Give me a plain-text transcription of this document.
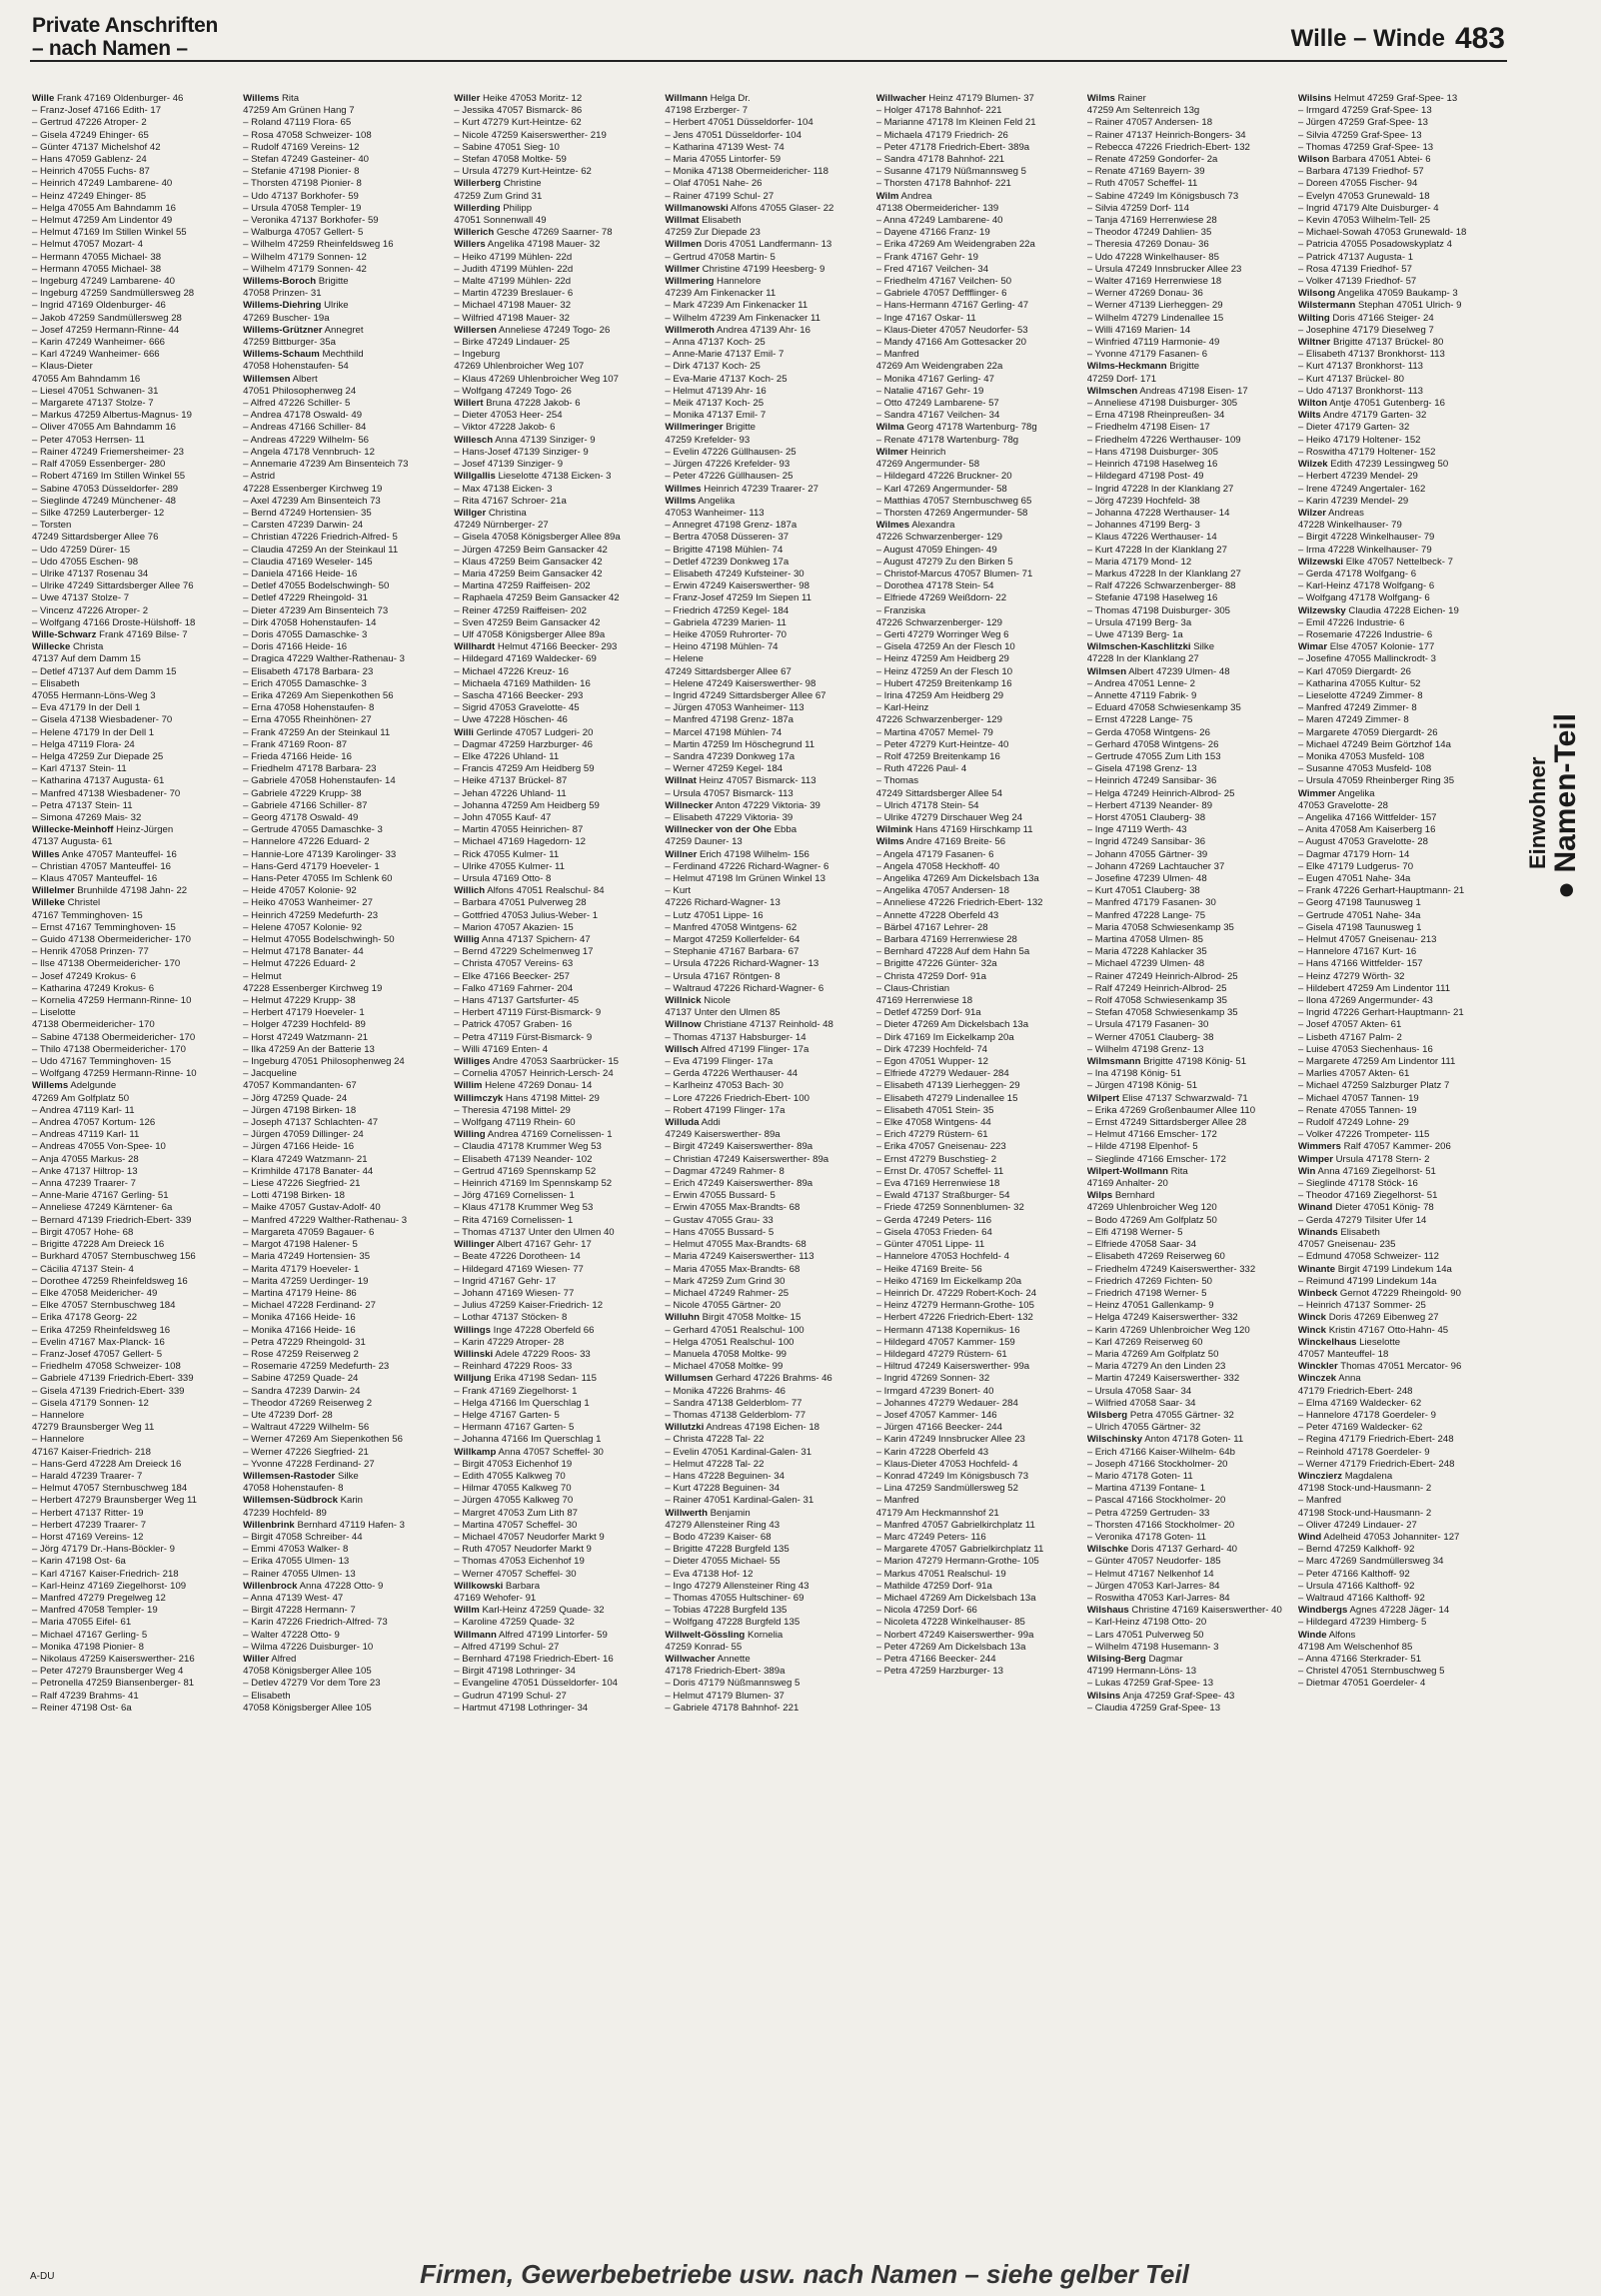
Private Anschriften
– nach Namen –	Wille – Winde 483
Wille Frank 47169 Oldenburger- 46
– Franz-Josef 47166 Edith- 17
– Gertrud 47226 Atroper- 2
– Gisela 47249 Ehinger- 65
– Günter 47137 Michelshof 42
– Hans 47059 Gablenz- 24
– Heinrich 47055 Fuchs- 87
– Heinrich 47249 Lambarene- 40
– Heinz 47249 Ehinger- 85
– Helga 47055 Am Bahndamm 16
– Helmut 47259 Am Lindentor 49
– Helmut 47169 Im Stillen Winkel 55
– Helmut 47057 Mozart- 4
– Hermann 47055 Michael- 38
– Hermann 47055 Michael- 38
– Ingeburg 47249 Lambarene- 40
– Ingeburg 47259 Sandmüllersweg 28
– Ingrid 47169 Oldenburger- 46
– Jakob 47259 Sandmüllersweg 28
– Josef 47259 Hermann-Rinne- 44
– Karin 47249 Wanheimer- 666
– Karl 47249 Wanheimer- 666
– Klaus-Dieter
47055 Am Bahndamm 16
– Liesel 47051 Schwanen- 31
– Margarete 47137 Stolze- 7
– Markus 47259 Albertus-Magnus- 19
– Oliver 47055 Am Bahndamm 16
– Peter 47053 Herrsen- 11
– Rainer 47249 Friemersheimer- 23
– Ralf 47059 Essenberger- 280
– Robert 47169 Im Stillen Winkel 55
– Sabine 47053 Düsseldorfer- 289
– Sieglinde 47249 Münchener- 48
– Silke 47259 Lauterberger- 12
– Torsten
47249 Sittardsberger Allee 76
– Udo 47259 Dürer- 15
– Udo 47055 Eschen- 98
– Ulrike 47137 Rosenau 34
– Ulrike 47249 Sittardsberger Allee 76
– Uwe 47137 Stolze- 7
– Vincenz 47226 Atroper- 2
– Wolfgang 47166 Droste-Hülshoff- 18
Wille-Schwarz Frank 47169 Bilse- 7
Willecke Christa
47137 Auf dem Damm 15
– Detlef 47137 Auf dem Damm 15
– Elisabeth
47055 Hermann-Löns-Weg 3
– Eva 47179 In der Dell 1
– Gisela 47138 Wiesbadener- 70
– Helene 47179 In der Dell 1
– Helga 47119 Flora- 24
– Helga 47259 Zur Diepade 25
– Karl 47137 Stein- 11
– Katharina 47137 Augusta- 61
– Manfred 47138 Wiesbadener- 70
– Petra 47137 Stein- 11
– Simona 47269 Mais- 32
Willecke-Meinhoff Heinz-Jürgen
47137 Augusta- 61
Willes Anke 47057 Manteuffel- 16
– Christian 47057 Manteuffel- 16
– Klaus 47057 Manteuffel- 16
Willelmer Brunhilde 47198 Jahn- 22
Willeke Christel
47167 Temminghoven- 15
– Ernst 47167 Temminghoven- 15
– Guido 47138 Obermeidericher- 170
– Henrik 47058 Prinzen- 77
– Ilse 47138 Obermeidericher- 170
– Josef 47249 Krokus- 6
– Katharina 47249 Krokus- 6
– Kornelia 47259 Hermann-Rinne- 10
– Liselotte
47138 Obermeidericher- 170
– Sabine 47138 Obermeidericher- 170
– Thilo 47138 Obermeidericher- 170
– Udo 47167 Temminghoven- 15
– Wolfgang 47259 Hermann-Rinne- 10
Willems Adelgunde
47269 Am Golfplatz 50
– Andrea 47119 Karl- 11
– Andrea 47057 Kortum- 126
– Andreas 47119 Karl- 11
– Andreas 47055 Von-Spee- 10
– Anja 47055 Markus- 28
– Anke 47137 Hiltrop- 13
– Anna 47239 Traarer- 7
– Anne-Marie 47167 Gerling- 51
– Anneliese 47249 Kärntener- 6a
– Bernard 47139 Friedrich-Ebert- 339
– Birgit 47057 Hohe- 68
– Brigitte 47228 Am Dreieck 16
– Burkhard 47057 Sternbuschweg 156
– Cäcilia 47137 Stein- 4
– Dorothee 47259 Rheinfeldsweg 16
– Elke 47058 Meidericher- 49
– Elke 47057 Sternbuschweg 184
– Erika 47178 Georg- 22
– Erika 47259 Rheinfeldsweg 16
– Evelin 47167 Max-Planck- 16
– Franz-Josef 47057 Gellert- 5
– Friedhelm 47058 Schweizer- 108
– Gabriele 47139 Friedrich-Ebert- 339
– Gisela 47139 Friedrich-Ebert- 339
– Gisela 47179 Sonnen- 12
– Hannelore
47279 Braunsberger Weg 11
– Hannelore
47167 Kaiser-Friedrich- 218
– Hans-Gerd 47228 Am Dreieck 16
– Harald 47239 Traarer- 7
– Helmut 47057 Sternbuschweg 184
– Herbert 47279 Braunsberger Weg 11
– Herbert 47137 Ritter- 19
– Herbert 47239 Traarer- 7
– Horst 47169 Vereins- 12
– Jörg 47179 Dr.-Hans-Böckler- 9
– Karin 47198 Ost- 6a
– Karl 47167 Kaiser-Friedrich- 218
– Karl-Heinz 47169 Ziegelhorst- 109
– Manfred 47279 Pregelweg 12
– Manfred 47058 Templer- 19
– Maria 47055 Eifel- 61
– Michael 47167 Gerling- 5
– Monika 47198 Pionier- 8
– Nikolaus 47259 Kaiserswerther- 216
– Peter 47279 Braunsberger Weg 4
– Petronella 47259 Biansenberger- 81
– Ralf 47239 Brahms- 41
– Reiner 47198 Ost- 6a
Willems Rita
47259 Am Grünen Hang 7
– Roland 47119 Flora- 65
– Rosa 47058 Schweizer- 108
– Rudolf 47169 Vereins- 12
– Stefan 47249 Gasteiner- 40
– Stefanie 47198 Pionier- 8
– Thorsten 47198 Pionier- 8
– Udo 47137 Borkhofer- 59
– Ursula 47058 Templer- 19
– Veronika 47137 Borkhofer- 59
– Walburga 47057 Gellert- 5
– Wilhelm 47259 Rheinfeldsweg 16
– Wilhelm 47179 Sonnen- 12
– Wilhelm 47179 Sonnen- 42
Willems-Boroch Brigitte
47058 Prinzen- 31
Willems-Diehring Ulrike
47269 Buscher- 19a
Willems-Grützner Annegret
47259 Bittburger- 35a
Willems-Schaum Mechthild
47058 Hohenstaufen- 54
Willemsen Albert
47051 Philosophenweg 24
– Alfred 47226 Schiller- 5
– Andrea 47178 Oswald- 49
– Andreas 47166 Schiller- 84
– Andreas 47229 Wilhelm- 56
– Angela 47178 Vennbruch- 12
– Annemarie 47239 Am Binsenteich 73
– Astrid
47228 Essenberger Kirchweg 19
– Axel 47239 Am Binsenteich 73
– Bernd 47249 Hortensien- 35
– Carsten 47239 Darwin- 24
– Christian 47226 Friedrich-Alfred- 5
– Claudia 47259 An der Steinkaul 11
– Claudia 47169 Weseler- 145
– Daniela 47166 Heide- 16
– Detlef 47055 Bodelschwingh- 50
– Detlef 47229 Rheingold- 31
– Dieter 47239 Am Binsenteich 73
– Dirk 47058 Hohenstaufen- 14
– Doris 47055 Damaschke- 3
– Doris 47166 Heide- 16
– Dragica 47229 Walther-Rathenau- 3
– Elisabeth 47178 Barbara- 23
– Erich 47055 Damaschke- 3
– Erika 47269 Am Siepenkothen 56
– Erna 47058 Hohenstaufen- 8
– Erna 47055 Rheinhönen- 27
– Frank 47259 An der Steinkaul 11
– Frank 47169 Roon- 87
– Frieda 47166 Heide- 16
– Friedhelm 47178 Barbara- 23
– Gabriele 47058 Hohenstaufen- 14
– Gabriele 47229 Krupp- 38
– Gabriele 47166 Schiller- 87
– Georg 47178 Oswald- 49
– Gertrude 47055 Damaschke- 3
– Hannelore 47226 Eduard- 2
– Hannie-Lore 47139 Karolinger- 33
– Hans-Gerd 47179 Hoeveler- 1
– Hans-Peter 47055 Im Schlenk 60
– Heide 47057 Kolonie- 92
– Heiko 47053 Wanheimer- 27
– Heinrich 47259 Medefurth- 23
– Helene 47057 Kolonie- 92
– Helmut 47055 Bodelschwingh- 50
– Helmut 47178 Banater- 44
– Helmut 47226 Eduard- 2
– Helmut
47228 Essenberger Kirchweg 19
– Helmut 47229 Krupp- 38
– Herbert 47179 Hoeveler- 1
– Holger 47239 Hochfeld- 89
– Horst 47249 Watzmann- 21
– Ilka 47259 An der Batterie 13
– Ingeburg 47051 Philosophenweg 24
– Jacqueline
47057 Kommandanten- 67
– Jörg 47259 Quade- 24
– Jürgen 47198 Birken- 18
– Joseph 47137 Schlachten- 47
– Jürgen 47059 Dillinger- 24
– Jürgen 47166 Heide- 16
– Klara 47249 Watzmann- 21
– Krimhilde 47178 Banater- 44
– Liese 47226 Siegfried- 21
– Lotti 47198 Birken- 18
– Maike 47057 Gustav-Adolf- 40
– Manfred 47229 Walther-Rathenau- 3
– Margareta 47059 Bagauer- 6
– Margot 47198 Halener- 5
– Maria 47249 Hortensien- 35
– Marita 47179 Hoeveler- 1
– Marita 47259 Uerdinger- 19
– Martina 47179 Heine- 86
– Michael 47228 Ferdinand- 27
– Monika 47166 Heide- 16
– Monika 47166 Heide- 16
– Petra 47229 Rheingold- 31
– Rose 47259 Reiserweg 2
– Rosemarie 47259 Medefurth- 23
– Sabine 47259 Quade- 24
– Sandra 47239 Darwin- 24
– Theodor 47269 Reiserweg 2
– Ute 47239 Dorf- 28
– Waltraut 47229 Wilhelm- 56
– Werner 47269 Am Siepenkothen 56
– Werner 47226 Siegfried- 21
– Yvonne 47228 Ferdinand- 27
Willemsen-Rastoder Silke
47058 Hohenstaufen- 8
Willemsen-Südbrock Karin
47239 Hochfeld- 89
Willenbrink Bernhard 47119 Hafen- 3
– Birgit 47058 Schreiber- 44
– Emmi 47053 Walker- 8
– Erika 47055 Ulmen- 13
– Rainer 47055 Ulmen- 13
Willenbrock Anna 47228 Otto- 9
– Anna 47139 West- 47
– Birgit 47228 Hermann- 7
– Karin 47226 Friedrich-Alfred- 73
– Walter 47228 Otto- 9
– Wilma 47226 Duisburger- 10
Willer Alfred
47058 Königsberger Allee 105
– Detlev 47279 Vor dem Tore 23
– Elisabeth
47058 Königsberger Allee 105
Willer Heike 47053 Moritz- 12
– Jessika 47057 Bismarck- 86
– Kurt 47279 Kurt-Heintze- 62
– Nicole 47259 Kaiserswerther- 219
– Sabine 47051 Sieg- 10
– Stefan 47058 Moltke- 59
– Ursula 47279 Kurt-Heintze- 62
Willerberg Christine
47259 Zum Grind 31
Willerding Philipp
47051 Sonnenwall 49
Willerich Gesche 47269 Saarner- 78
Willers Angelika 47198 Mauer- 32
– Heiko 47199 Mühlen- 22d
– Judith 47199 Mühlen- 22d
– Malte 47199 Mühlen- 22d
– Martin 47239 Breslauer- 6
– Michael 47198 Mauer- 32
– Wilfried 47198 Mauer- 32
Willersen Anneliese 47249 Togo- 26
– Birke 47249 Lindauer- 25
– Ingeburg
47269 Uhlenbroicher Weg 107
– Klaus 47269 Uhlenbroicher Weg 107
– Wolfgang 47249 Togo- 26
Willert Bruna 47228 Jakob- 6
– Dieter 47053 Heer- 254
– Viktor 47228 Jakob- 6
Willesch Anna 47139 Sinziger- 9
– Hans-Josef 47139 Sinziger- 9
– Josef 47139 Sinziger- 9
Willgallis Lieselotte 47138 Eicken- 3
– Max 47138 Eicken- 3
– Rita 47167 Schroer- 21a
Willger Christina
47249 Nürnberger- 27
– Gisela 47058 Königsberger Allee 89a
– Jürgen 47259 Beim Gansacker 42
– Klaus 47259 Beim Gansacker 42
– Maria 47259 Beim Gansacker 42
– Martina 47259 Raiffeisen- 202
– Raphaela 47259 Beim Gansacker 42
– Reiner 47259 Raiffeisen- 202
– Sven 47259 Beim Gansacker 42
– Ulf 47058 Königsberger Allee 89a
Willhardt Helmut 47166 Beecker- 293
– Hildegard 47169 Waldecker- 69
– Michael 47226 Kreuz- 16
– Michaela 47169 Mathilden- 16
– Sascha 47166 Beecker- 293
– Sigrid 47053 Gravelotte- 45
– Uwe 47228 Höschen- 46
Willi Gerlinde 47057 Ludgeri- 20
– Dagmar 47259 Harzburger- 46
– Elke 47226 Uhland- 11
– Francis 47259 Am Heidberg 59
– Heike 47137 Brückel- 87
– Jehan 47226 Uhland- 11
– Johanna 47259 Am Heidberg 59
– John 47055 Kauf- 47
– Martin 47055 Heinrichen- 87
– Michael 47169 Hagedorn- 12
– Rick 47055 Kulmer- 11
– Ulrike 47055 Kulmer- 11
– Ursula 47169 Otto- 8
Willich Alfons 47051 Realschul- 84
– Barbara 47051 Pulverweg 28
– Gottfried 47053 Julius-Weber- 1
– Marion 47057 Akazien- 15
Willig Anna 47137 Spichern- 47
– Bernd 47229 Schelmenweg 17
– Christa 47057 Vereins- 63
– Elke 47166 Beecker- 257
– Falko 47169 Fahrner- 204
– Hans 47137 Gartsfurter- 45
– Herbert 47119 Fürst-Bismarck- 9
– Patrick 47057 Graben- 16
– Petra 47119 Fürst-Bismarck- 9
– Willi 47169 Enten- 4
Williges Andre 47053 Saarbrücker- 15
– Cornelia 47057 Heinrich-Lersch- 24
Willim Helene 47269 Donau- 14
Willimczyk Hans 47198 Mittel- 29
– Theresia 47198 Mittel- 29
– Wolfgang 47119 Rhein- 60
Willing Andrea 47169 Cornelissen- 1
– Claudia 47178 Krummer Weg 53
– Elisabeth 47139 Neander- 102
– Gertrud 47169 Spennskamp 52
– Heinrich 47169 Im Spennskamp 52
– Jörg 47169 Cornelissen- 1
– Klaus 47178 Krummer Weg 53
– Rita 47169 Cornelissen- 1
– Thomas 47137 Unter den Ulmen 40
Willinger Albert 47167 Gehr- 17
– Beate 47226 Dorotheen- 14
– Hildegard 47169 Wiesen- 77
– Ingrid 47167 Gehr- 17
– Johann 47169 Wiesen- 77
– Julius 47259 Kaiser-Friedrich- 12
– Lothar 47137 Stöcken- 8
Willings Inge 47228 Oberfeld 66
– Karin 47229 Atroper- 28
Willinski Adele 47229 Roos- 33
– Reinhard 47229 Roos- 33
Willjung Erika 47198 Sedan- 115
– Frank 47169 Ziegelhorst- 1
– Helga 47166 Im Querschlag 1
– Helge 47167 Garten- 5
– Hermann 47167 Garten- 5
– Johanna 47166 Im Querschlag 1
Willkamp Anna 47057 Scheffel- 30
– Birgit 47053 Eichenhof 19
– Edith 47055 Kalkweg 70
– Hilmar 47055 Kalkweg 70
– Jürgen 47055 Kalkweg 70
– Margret 47053 Zum Lith 87
– Martina 47057 Scheffel- 30
– Michael 47057 Neudorfer Markt 9
– Ruth 47057 Neudorfer Markt 9
– Thomas 47053 Eichenhof 19
– Werner 47057 Scheffel- 30
Willkowski Barbara
47169 Wehofer- 91
Willm Karl-Heinz 47259 Quade- 32
– Karoline 47259 Quade- 32
Willmann Alfred 47199 Lintorfer- 59
– Alfred 47199 Schul- 27
– Bernhard 47198 Friedrich-Ebert- 16
– Birgit 47198 Lothringer- 34
– Evangeline 47051 Düsseldorfer- 104
– Gudrun 47199 Schul- 27
– Hartmut 47198 Lothringer- 34
Willmann Helga Dr.
47198 Erzberger- 7
– Herbert 47051 Düsseldorfer- 104
– Jens 47051 Düsseldorfer- 104
– Katharina 47139 West- 74
– Maria 47055 Lintorfer- 59
– Monika 47138 Obermeidericher- 118
– Olaf 47051 Nahe- 26
– Rainer 47199 Schul- 27
Willmanowski Alfons 47055 Glaser- 22
Willmat Elisabeth
47259 Zur Diepade 23
Willmen Doris 47051 Landfermann- 13
– Gertrud 47058 Martin- 5
Willmer Christine 47199 Heesberg- 9
Willmering Hannelore
47239 Am Finkenacker 11
– Mark 47239 Am Finkenacker 11
– Wilhelm 47239 Am Finkenacker 11
Willmeroth Andrea 47139 Ahr- 16
– Anna 47137 Koch- 25
– Anne-Marie 47137 Emil- 7
– Dirk 47137 Koch- 25
– Eva-Marie 47137 Koch- 25
– Helmut 47139 Ahr- 16
– Meik 47137 Koch- 25
– Monika 47137 Emil- 7
Willmeringer Brigitte
47259 Krefelder- 93
– Evelin 47226 Güllhausen- 25
– Jürgen 47226 Krefelder- 93
– Peter 47226 Güllhausen- 25
Willmes Heinrich 47239 Traarer- 27
Willms Angelika
47053 Wanheimer- 113
– Annegret 47198 Grenz- 187a
– Bertra 47058 Düsseren- 37
– Brigitte 47198 Mühlen- 74
– Detlef 47239 Donkweg 17a
– Elisabeth 47249 Kufsteiner- 30
– Erwin 47249 Kaiserswerther- 98
– Franz-Josef 47259 Im Siepen 11
– Friedrich 47259 Kegel- 184
– Gabriela 47239 Marien- 11
– Heike 47059 Ruhrorter- 70
– Heino 47198 Mühlen- 74
– Helene
47249 Sittardsberger Allee 67
– Helene 47249 Kaiserswerther- 98
– Ingrid 47249 Sittardsberger Allee 67
– Jürgen 47053 Wanheimer- 113
– Manfred 47198 Grenz- 187a
– Marcel 47198 Mühlen- 74
– Martin 47259 Im Höschegrund 11
– Sandra 47239 Donkweg 17a
– Werner 47259 Kegel- 184
Willnat Heinz 47057 Bismarck- 113
– Ursula 47057 Bismarck- 113
Willnecker Anton 47229 Viktoria- 39
– Elisabeth 47229 Viktoria- 39
Willnecker von der Ohe Ebba
47259 Dauner- 13
Willner Erich 47198 Wilhelm- 156
– Ferdinand 47226 Richard-Wagner- 6
– Helmut 47198 Im Grünen Winkel 13
– Kurt
47226 Richard-Wagner- 13
– Lutz 47051 Lippe- 16
– Manfred 47058 Wintgens- 62
– Margot 47259 Kollerfelder- 64
– Stephanie 47167 Barbara- 67
– Ursula 47226 Richard-Wagner- 13
– Ursula 47167 Röntgen- 8
– Waltraud 47226 Richard-Wagner- 6
Willnick Nicole
47137 Unter den Ulmen 85
Willnow Christiane 47137 Reinhold- 48
– Thomas 47137 Habsburger- 14
Willsch Alfred 47199 Flinger- 17a
– Eva 47199 Flinger- 17a
– Gerda 47226 Werthauser- 44
– Karlheinz 47053 Bach- 30
– Lore 47226 Friedrich-Ebert- 100
– Robert 47199 Flinger- 17a
Willuda Addi
47249 Kaiserswerther- 89a
– Birgit 47249 Kaiserswerther- 89a
– Christian 47249 Kaiserswerther- 89a
– Dagmar 47249 Rahmer- 8
– Erich 47249 Kaiserswerther- 89a
– Erwin 47055 Bussard- 5
– Erwin 47055 Max-Brandts- 68
– Gustav 47055 Grau- 33
– Hans 47055 Bussard- 5
– Helmut 47055 Max-Brandts- 68
– Maria 47249 Kaiserswerther- 113
– Maria 47055 Max-Brandts- 68
– Mark 47259 Zum Grind 30
– Michael 47249 Rahmer- 25
– Nicole 47055 Gärtner- 20
Willuhn Birgit 47058 Moltke- 15
– Gerhard 47051 Realschul- 100
– Helga 47051 Realschul- 100
– Manuela 47058 Moltke- 99
– Michael 47058 Moltke- 99
Willumsen Gerhard 47226 Brahms- 46
– Monika 47226 Brahms- 46
– Sandra 47138 Gelderblom- 77
– Thomas 47138 Gelderblom- 77
Willutzki Andreas 47198 Eichen- 18
– Christa 47228 Tal- 22
– Evelin 47051 Kardinal-Galen- 31
– Helmut 47228 Tal- 22
– Hans 47228 Beguinen- 34
– Kurt 47228 Beguinen- 34
– Rainer 47051 Kardinal-Galen- 31
Willwerth Benjamin
47279 Allensteiner Ring 43
– Bodo 47239 Kaiser- 68
– Brigitte 47228 Burgfeld 135
– Dieter 47055 Michael- 55
– Eva 47138 Hof- 12
– Ingo 47279 Allensteiner Ring 43
– Thomas 47055 Hultschiner- 69
– Tobias 47228 Burgfeld 135
– Wolfgang 47228 Burgfeld 135
Willwelt-Gössling Kornelia
47259 Konrad- 55
Willwacher Annette
47178 Friedrich-Ebert- 389a
– Doris 47179 Nüßmannsweg 5
– Helmut 47179 Blumen- 37
– Gabriele 47178 Bahnhof- 221
Willwacher Heinz 47179 Blumen- 37
– Holger 47178 Bahnhof- 221
– Marianne 47178 Im Kleinen Feld 21
– Michaela 47179 Friedrich- 26
– Peter 47178 Friedrich-Ebert- 389a
– Sandra 47178 Bahnhof- 221
– Susanne 47179 Nüßmannsweg 5
– Thorsten 47178 Bahnhof- 221
Wilm Andrea
47138 Obermeidericher- 139
– Anna 47249 Lambarene- 40
– Dayene 47166 Franz- 19
– Erika 47269 Am Weidengraben 22a
– Frank 47167 Gehr- 19
– Fred 47167 Veilchen- 34
– Friedhelm 47167 Veilchen- 50
– Gabriele 47057 Deffflinger- 6
– Hans-Hermann 47167 Gerling- 47
– Inge 47167 Oskar- 11
– Klaus-Dieter 47057 Neudorfer- 53
– Mandy 47166 Am Gottesacker 20
– Manfred
47269 Am Weidengraben 22a
– Monika 47167 Gerling- 47
– Natalie 47167 Gehr- 19
– Otto 47249 Lambarene- 57
– Sandra 47167 Veilchen- 34
Wilma Georg 47178 Wartenburg- 78g
– Renate 47178 Wartenburg- 78g
Wilmer Heinrich
47269 Angermunder- 58
– Hildegard 47226 Bruckner- 20
– Karl 47269 Angermunder- 58
– Matthias 47057 Sternbuschweg 65
– Thorsten 47269 Angermunder- 58
Wilmes Alexandra
47226 Schwarzenberger- 129
– August 47059 Ehingen- 49
– August 47279 Zu den Birken 5
– Christof-Marcus 47057 Blumen- 71
– Dorothea 47178 Stein- 54
– Elfriede 47269 Weißdorn- 22
– Franziska
47226 Schwarzenberger- 129
– Gerti 47279 Worringer Weg 6
– Gisela 47259 An der Flesch 10
– Heinz 47259 Am Heidberg 29
– Heinz 47259 An der Flesch 10
– Hubert 47259 Breitenkamp 16
– Irina 47259 Am Heidberg 29
– Karl-Heinz
47226 Schwarzenberger- 129
– Martina 47057 Memel- 79
– Peter 47279 Kurt-Heintze- 40
– Rolf 47259 Breitenkamp 16
– Ruth 47226 Paul- 4
– Thomas
47249 Sittardsberger Allee 54
– Ulrich 47178 Stein- 54
– Ulrike 47279 Dirschauer Weg 24
Wilmink Hans 47169 Hirschkamp 11
Wilms Andre 47169 Breite- 56
– Angela 47179 Fasanen- 6
– Angela 47058 Heckhoff- 40
– Angelika 47269 Am Dickelsbach 13a
– Angelika 47057 Andersen- 18
– Anneliese 47226 Friedrich-Ebert- 132
– Annette 47228 Oberfeld 43
– Bärbel 47167 Lehrer- 28
– Barbara 47169 Herrenwiese 28
– Bernhard 47228 Auf dem Hahn 5a
– Brigitte 47226 Günter- 32a
– Christa 47259 Dorf- 91a
– Claus-Christian
47169 Herrenwiese 18
– Detlef 47259 Dorf- 91a
– Dieter 47269 Am Dickelsbach 13a
– Dirk 47169 Im Eickelkamp 20a
– Dirk 47239 Hochfeld- 74
– Egon 47051 Wupper- 12
– Elfriede 47279 Wedauer- 284
– Elisabeth 47139 Lierheggen- 29
– Elisabeth 47279 Lindenallee 15
– Elisabeth 47051 Stein- 35
– Elke 47058 Wintgens- 44
– Erich 47279 Rüstern- 61
– Erika 47057 Gneisenau- 223
– Ernst 47279 Buschstieg- 2
– Ernst Dr. 47057 Scheffel- 11
– Eva 47169 Herrenwiese 18
– Ewald 47137 Straßburger- 54
– Friede 47259 Sonnenblumen- 32
– Gerda 47249 Peters- 116
– Gisela 47053 Frieden- 64
– Günter 47051 Lippe- 11
– Hannelore 47053 Hochfeld- 4
– Heike 47169 Breite- 56
– Heiko 47169 Im Eickelkamp 20a
– Heinrich Dr. 47229 Robert-Koch- 24
– Heinz 47279 Hermann-Grothe- 105
– Herbert 47226 Friedrich-Ebert- 132
– Hermann 47138 Kopernikus- 16
– Hildegard 47057 Kammer- 159
– Hildegard 47279 Rüstern- 61
– Hiltrud 47249 Kaiserswerther- 99a
– Ingrid 47269 Sonnen- 32
– Irmgard 47239 Bonert- 40
– Johannes 47279 Wedauer- 284
– Josef 47057 Kammer- 146
– Jürgen 47166 Beecker- 244
– Karin 47249 Innsbrucker Allee 23
– Karin 47228 Oberfeld 43
– Klaus-Dieter 47053 Hochfeld- 4
– Konrad 47249 Im Königsbusch 73
– Lina 47259 Sandmüllersweg 52
– Manfred
47179 Am Heckmannshof 21
– Manfred 47057 Gabrielkirchplatz 11
– Marc 47249 Peters- 116
– Margarete 47057 Gabrielkirchplatz 11
– Marion 47279 Hermann-Grothe- 105
– Markus 47051 Realschul- 19
– Mathilde 47259 Dorf- 91a
– Michael 47269 Am Dickelsbach 13a
– Nicola 47259 Dorf- 66
– Nicoleta 47228 Winkelhauser- 85
– Norbert 47249 Kaiserswerther- 99a
– Peter 47269 Am Dickelsbach 13a
– Petra 47166 Beecker- 244
– Petra 47259 Harzburger- 13
Wilms Rainer
47259 Am Seltenreich 13g
– Rainer 47057 Andersen- 18
– Rainer 47137 Heinrich-Bongers- 34
– Rebecca 47226 Friedrich-Ebert- 132
– Renate 47259 Gondorfer- 2a
– Renate 47169 Bayern- 39
– Ruth 47057 Scheffel- 11
– Sabine 47249 Im Königsbusch 73
– Silvia 47259 Dorf- 114
– Tanja 47169 Herrenwiese 28
– Theodor 47249 Dahlien- 35
– Theresia 47269 Donau- 36
– Udo 47228 Winkelhauser- 85
– Ursula 47249 Innsbrucker Allee 23
– Walter 47169 Herrenwiese 18
– Werner 47269 Donau- 36
– Werner 47139 Lierheggen- 29
– Wilhelm 47279 Lindenallee 15
– Willi 47169 Marien- 14
– Winfried 47119 Harmonie- 49
– Yvonne 47179 Fasanen- 6
Wilms-Heckmann Brigitte
47259 Dorf- 171
Wilmschen Andreas 47198 Eisen- 17
– Anneliese 47198 Duisburger- 305
– Erna 47198 Rheinpreußen- 34
– Friedhelm 47198 Eisen- 17
– Friedhelm 47226 Werthauser- 109
– Hans 47198 Duisburger- 305
– Heinrich 47198 Haselweg 16
– Hildegard 47198 Post- 49
– Ingrid 47228 In der Klanklang 27
– Jörg 47239 Hochfeld- 38
– Johanna 47228 Werthauser- 14
– Johannes 47199 Berg- 3
– Klaus 47226 Werthauser- 14
– Kurt 47228 In der Klanklang 27
– Maria 47179 Mond- 12
– Markus 47228 In der Klanklang 27
– Ralf 47226 Schwarzenberger- 88
– Stefanie 47198 Haselweg 16
– Thomas 47198 Duisburger- 305
– Ursula 47199 Berg- 3a
– Uwe 47139 Berg- 1a
Wilmschen-Kaschlitzki Silke
47228 In der Klanklang 27
Wilmsen Albert 47239 Ulmen- 48
– Andrea 47051 Lenne- 2
– Annette 47119 Fabrik- 9
– Eduard 47058 Schwiesenkamp 35
– Ernst 47228 Lange- 75
– Gerda 47058 Wintgens- 26
– Gerhard 47058 Wintgens- 26
– Gertrude 47055 Zum Lith 153
– Gisela 47198 Grenz- 13
– Heinrich 47249 Sansibar- 36
– Helga 47249 Heinrich-Albrod- 25
– Herbert 47139 Neander- 89
– Horst 47051 Clauberg- 38
– Inge 47119 Werth- 43
– Ingrid 47249 Sansibar- 36
– Johann 47055 Gärtner- 39
– Johann 47269 Lachtaucher 37
– Josefine 47239 Ulmen- 48
– Kurt 47051 Clauberg- 38
– Manfred 47179 Fasanen- 30
– Manfred 47228 Lange- 75
– Maria 47058 Schwiesenkamp 35
– Martina 47058 Ulmen- 85
– Maria 47228 Kahlacker 35
– Michael 47239 Ulmen- 48
– Rainer 47249 Heinrich-Albrod- 25
– Ralf 47249 Heinrich-Albrod- 25
– Rolf 47058 Schwiesenkamp 35
– Stefan 47058 Schwiesenkamp 35
– Ursula 47179 Fasanen- 30
– Werner 47051 Clauberg- 38
– Wilhelm 47198 Grenz- 13
Wilmsmann Brigitte 47198 König- 51
– Ina 47198 König- 51
– Jürgen 47198 König- 51
Wilpert Elise 47137 Schwarzwald- 71
– Erika 47269 Großenbaumer Allee 110
– Ernst 47249 Sittardsberger Allee 28
– Helmut 47166 Emscher- 172
– Hilde 47198 Elpenhof- 5
– Sieglinde 47166 Emscher- 172
Wilpert-Wollmann Rita
47169 Anhalter- 20
Wilps Bernhard
47269 Uhlenbroicher Weg 120
– Bodo 47269 Am Golfplatz 50
– Elfi 47198 Werner- 5
– Elfriede 47058 Saar- 34
– Elisabeth 47269 Reiserweg 60
– Friedhelm 47249 Kaiserswerther- 332
– Friedrich 47269 Fichten- 50
– Friedrich 47198 Werner- 5
– Heinz 47051 Gallenkamp- 9
– Helga 47249 Kaiserswerther- 332
– Karin 47269 Uhlenbroicher Weg 120
– Karl 47269 Reiserweg 60
– Maria 47269 Am Golfplatz 50
– Maria 47279 An den Linden 23
– Martin 47249 Kaiserswerther- 332
– Ursula 47058 Saar- 34
– Wilfried 47058 Saar- 34
Wilsberg Petra 47055 Gärtner- 32
– Ulrich 47055 Gärtner- 32
Wilschinsky Anton 47178 Goten- 11
– Erich 47166 Kaiser-Wilhelm- 64b
– Joseph 47166 Stockholmer- 20
– Mario 47178 Goten- 11
– Martina 47139 Fontane- 1
– Pascal 47166 Stockholmer- 20
– Petra 47259 Gertruden- 33
– Thorsten 47166 Stockholmer- 20
– Veronika 47178 Goten- 11
Wilschke Doris 47137 Gerhard- 40
– Günter 47057 Neudorfer- 185
– Helmut 47167 Nelkenhof 14
– Jürgen 47053 Karl-Jarres- 84
– Roswitha 47053 Karl-Jarres- 84
Wilshaus Christine 47169 Kaiserswerther- 40
– Karl-Heinz 47198 Otto- 20
– Lars 47051 Pulverweg 50
– Wilhelm 47198 Husemann- 3
Wilsing-Berg Dagmar
47199 Hermann-Löns- 13
– Lukas 47259 Graf-Spee- 13
Wilsins Anja 47259 Graf-Spee- 43
– Claudia 47259 Graf-Spee- 13
Wilsins Helmut 47259 Graf-Spee- 13
– Irmgard 47259 Graf-Spee- 13
– Jürgen 47259 Graf-Spee- 13
– Silvia 47259 Graf-Spee- 13
– Thomas 47259 Graf-Spee- 13
Wilson Barbara 47051 Abtei- 6
– Barbara 47139 Friedhof- 57
– Doreen 47055 Fischer- 94
– Evelyn 47053 Grunewald- 18
– Ingrid 47179 Alte Duisburger- 4
– Kevin 47053 Wilhelm-Tell- 25
– Michael-Sowah 47053 Grunewald- 18
– Patricia 47055 Posadowskyplatz 4
– Patrick 47137 Augusta- 1
– Rosa 47139 Friedhof- 57
– Volker 47139 Friedhof- 57
Wilsong Angelika 47059 Baukamp- 3
Wilstermann Stephan 47051 Ulrich- 9
Wilting Doris 47166 Steiger- 24
– Josephine 47179 Dieselweg 7
Wiltner Brigitte 47137 Brückel- 80
– Elisabeth 47137 Bronkhorst- 113
– Kurt 47137 Bronkhorst- 113
– Kurt 47137 Brückel- 80
– Udo 47137 Bronkhorst- 113
Wilton Antje 47051 Gutenberg- 16
Wilts Andre 47179 Garten- 32
– Dieter 47179 Garten- 32
– Heiko 47179 Holtener- 152
– Roswitha 47179 Holtener- 152
Wilzek Edith 47239 Lessingweg 50
– Herbert 47239 Mendel- 29
– Irene 47249 Angertaler- 162
– Karin 47239 Mendel- 29
Wilzer Andreas
47228 Winkelhauser- 79
– Birgit 47228 Winkelhauser- 79
– Irma 47228 Winkelhauser- 79
Wilzewski Elke 47057 Nettelbeck- 7
– Gerda 47178 Wolfgang- 6
– Karl-Heinz 47178 Wolfgang- 6
– Wolfgang 47178 Wolfgang- 6
Wilzewsky Claudia 47228 Eichen- 19
– Emil 47226 Industrie- 6
– Rosemarie 47226 Industrie- 6
Wimar Else 47057 Kolonie- 177
– Josefine 47055 Mallinckrodt- 3
– Karl 47059 Diergardt- 26
– Katharina 47055 Kultur- 52
– Lieselotte 47249 Zimmer- 8
– Manfred 47249 Zimmer- 8
– Maren 47249 Zimmer- 8
– Margarete 47059 Diergardt- 26
– Michael 47249 Beim Görtzhof 14a
– Monika 47053 Musfeld- 108
– Susanne 47053 Musfeld- 108
– Ursula 47059 Rheinberger Ring 35
Wimmer Angelika
47053 Gravelotte- 28
– Angelika 47166 Wittfelder- 157
– Anita 47058 Am Kaiserberg 16
– August 47053 Gravelotte- 28
– Dagmar 47179 Horn- 14
– Elke 47179 Ludgerus- 70
– Eugen 47051 Nahe- 34a
– Frank 47226 Gerhart-Hauptmann- 21
– Georg 47198 Taunusweg 1
– Gertrude 47051 Nahe- 34a
– Gisela 47198 Taunusweg 1
– Helmut 47057 Gneisenau- 213
– Hannelore 47167 Kurt- 16
– Hans 47166 Wittfelder- 157
– Heinz 47279 Wörth- 32
– Hildebert 47259 Am Lindentor 111
– Ilona 47269 Angermunder- 43
– Ingrid 47226 Gerhart-Hauptmann- 21
– Josef 47057 Akten- 61
– Lisbeth 47167 Palm- 2
– Luise 47053 Siechenhaus- 16
– Margarete 47259 Am Lindentor 111
– Marlies 47057 Akten- 61
– Michael 47259 Salzburger Platz 7
– Michael 47057 Tannen- 19
– Renate 47055 Tannen- 19
– Rudolf 47249 Lohne- 29
– Volker 47226 Trompeter- 115
Wimmers Ralf 47057 Kammer- 206
Wimper Ursula 47178 Stern- 2
Win Anna 47169 Ziegelhorst- 51
– Sieglinde 47178 Stöck- 16
– Theodor 47169 Ziegelhorst- 51
Winand Dieter 47051 König- 78
– Gerda 47279 Tilsiter Ufer 14
Winands Elisabeth
47057 Gneisenau- 235
– Edmund 47058 Schweizer- 112
Winante Birgit 47199 Lindekum 14a
– Reimund 47199 Lindekum 14a
Winbeck Gernot 47229 Rheingold- 90
– Heinrich 47137 Sommer- 25
Winck Doris 47269 Eibenweg 27
Winck Kristin 47167 Otto-Hahn- 45
Winckelhaus Lieselotte
47057 Manteuffel- 18
Winckler Thomas 47051 Mercator- 96
Winczek Anna
47179 Friedrich-Ebert- 248
– Elma 47169 Waldecker- 62
– Hannelore 47178 Goerdeler- 9
– Peter 47169 Waldecker- 62
– Regina 47179 Friedrich-Ebert- 248
– Reinhold 47178 Goerdeler- 9
– Werner 47179 Friedrich-Ebert- 248
Winczierz Magdalena
47198 Stock-und-Hausmann- 2
– Manfred
47198 Stock-und-Hausmann- 2
– Oliver 47249 Lindauer- 27
Wind Adelheid 47053 Johanniter- 127
– Bernd 47259 Kalkhoff- 92
– Marc 47269 Sandmüllersweg 34
– Peter 47166 Kalthoff- 92
– Ursula 47166 Kalthoff- 92
– Waltraud 47166 Kalthoff- 92
Windbergs Agnes 47228 Jäger- 14
– Hildegard 47239 Himberg- 5
Winde Alfons
47198 Am Welschenhof 85
– Anna 47166 Sterkrader- 51
– Christel 47051 Sternbuschweg 5
– Dietmar 47051 Goerdeler- 4
Einwohner ● Namen-Teil
A-DU	Firmen, Gewerbebetriebe usw. nach Namen – siehe gelber Teil
